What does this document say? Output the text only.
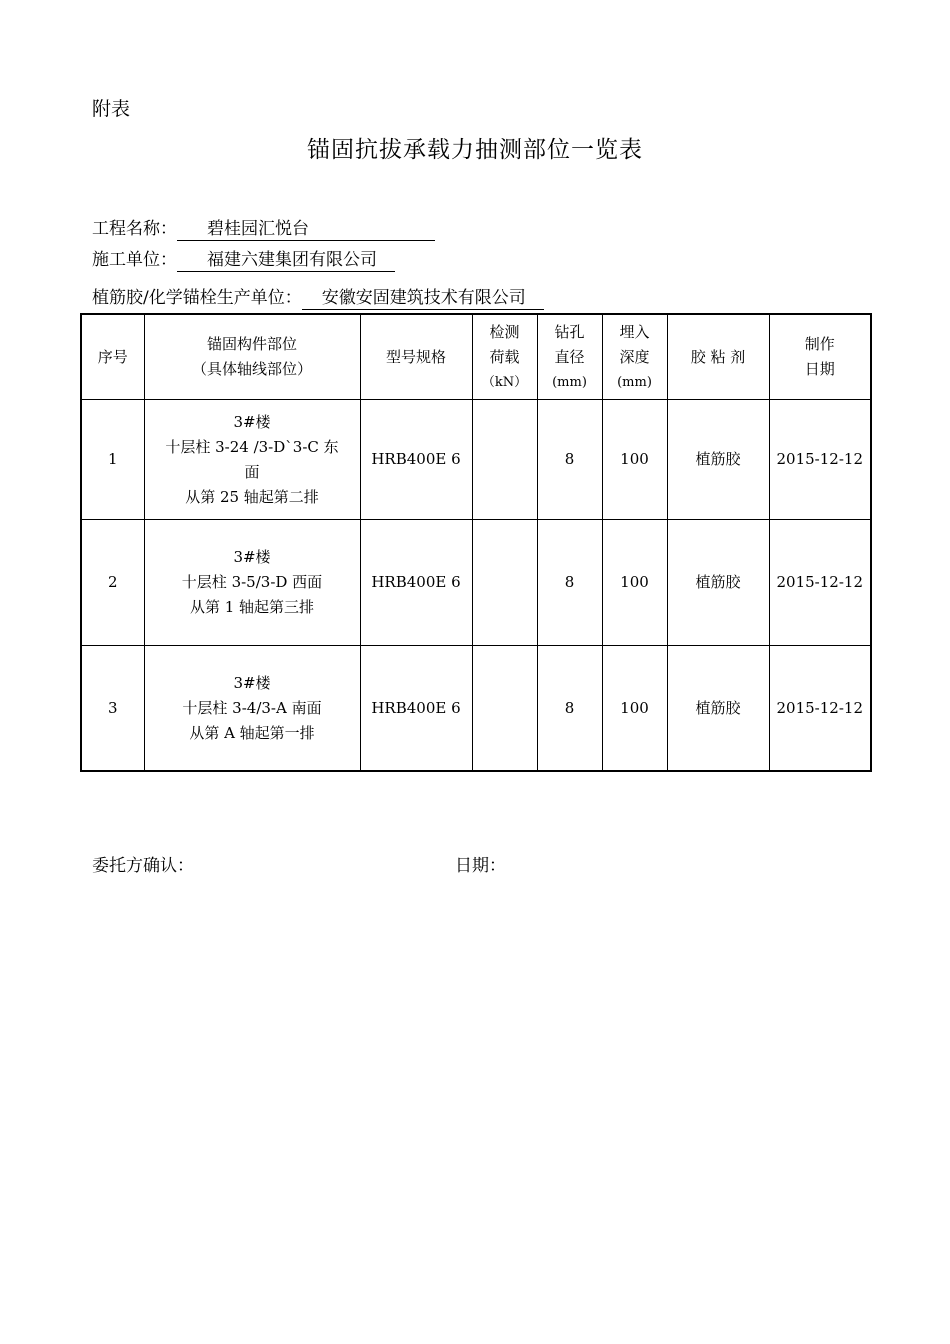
附表
锚固抗拔承载力抽测部位一览表
工程名称： 碧桂园汇悦台
施工单位： 福建六建集团有限公司
植筋胶/化学锚栓生产单位： 安徽安固建筑技术有限公司
序号	锚固构件部位
（具体轴线部位）	型号规格	检测
荷载
（kN）	钻孔
直径
(mm)	埋入
深度
(mm)	胶 粘 剂	制作
日期

1	3#楼
十层柱 3-24 /3-D`3-C 东
面
从第 25 轴起第二排	HRB400E 6		8	100	植筋胶	2015-12-12
2	3#楼
十层柱 3-5/3-D 西面
从第 1 轴起第三排	HRB400E 6		8	100	植筋胶	2015-12-12
3	3#楼
十层柱 3-4/3-A 南面
从第 A 轴起第一排	HRB400E 6		8	100	植筋胶	2015-12-12
委托方确认：	日期：
